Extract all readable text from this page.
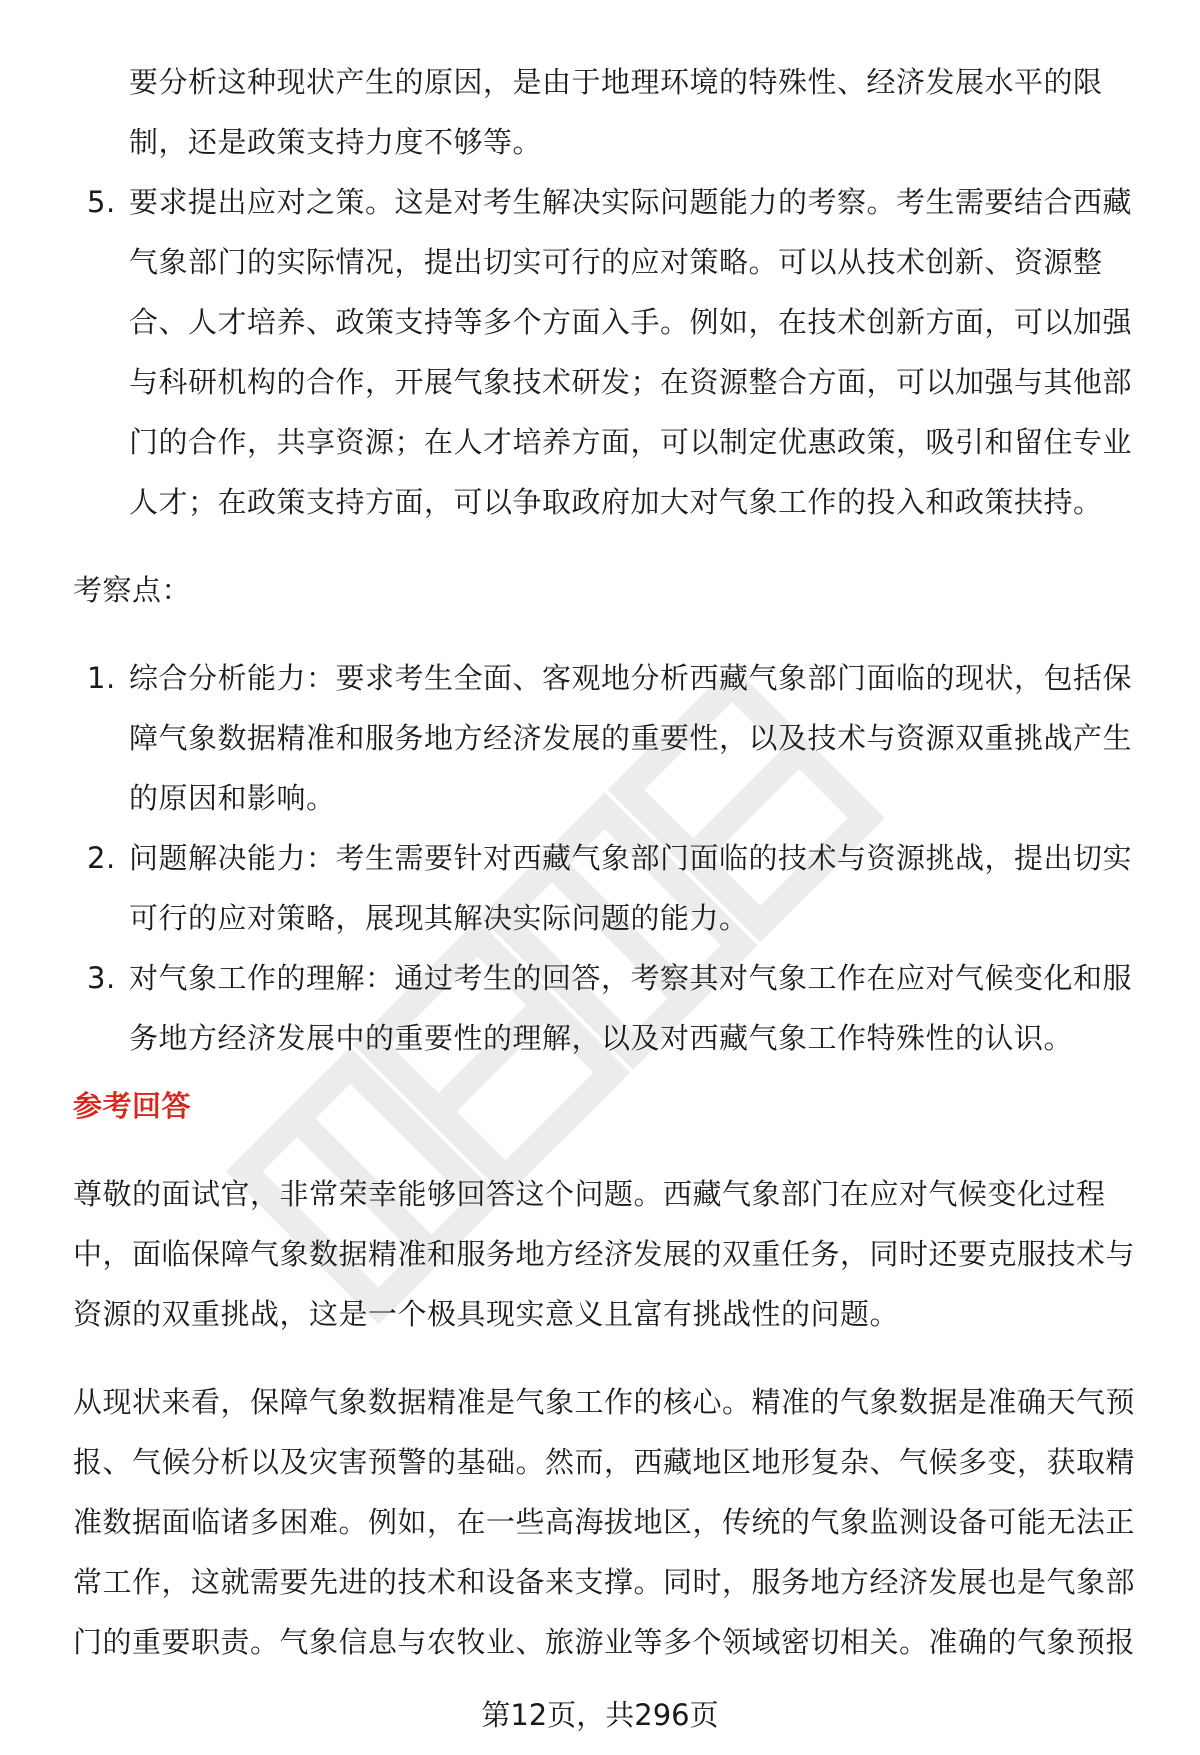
要分析这种现状产生的原因，是由于地理环境的特殊性、经济发展水平的限制，还是政策支持力度不够等。

5. 要求提出应对之策。这是对考生解决实际问题能力的考察。考生需要结合西藏气象部门的实际情况，提出切实可行的应对策略。可以从技术创新、资源整合、人才培养、政策支持等多个方面入手。例如，在技术创新方面，可以加强与科研机构的合作，开展气象技术研发；在资源整合方面，可以加强与其他部门的合作，共享资源；在人才培养方面，可以制定优惠政策，吸引和留住专业人才；在政策支持方面，可以争取政府加大对气象工作的投入和政策扶持。

考察点：

1. 综合分析能力：要求考生全面、客观地分析西藏气象部门面临的现状，包括保障气象数据精准和服务地方经济发展的重要性，以及技术与资源双重挑战产生的原因和影响。
2. 问题解决能力：考生需要针对西藏气象部门面临的技术与资源挑战，提出切实可行的应对策略，展现其解决实际问题的能力。
3. 对气象工作的理解：通过考生的回答，考察其对气象工作在应对气候变化和服务地方经济发展中的重要性的理解，以及对西藏气象工作特殊性的认识。

参考回答

尊敬的面试官，非常荣幸能够回答这个问题。西藏气象部门在应对气候变化过程中，面临保障气象数据精准和服务地方经济发展的双重任务，同时还要克服技术与资源的双重挑战，这是一个极具现实意义且富有挑战性的问题。

从现状来看，保障气象数据精准是气象工作的核心。精准的气象数据是准确天气预报、气候分析以及灾害预警的基础。然而，西藏地区地形复杂、气候多变，获取精准数据面临诸多困难。例如，在一些高海拔地区，传统的气象监测设备可能无法正常工作，这就需要先进的技术和设备来支撑。同时，服务地方经济发展也是气象部门的重要职责。气象信息与农牧业、旅游业等多个领域密切相关。准确的气象预报

第12页，共296页
